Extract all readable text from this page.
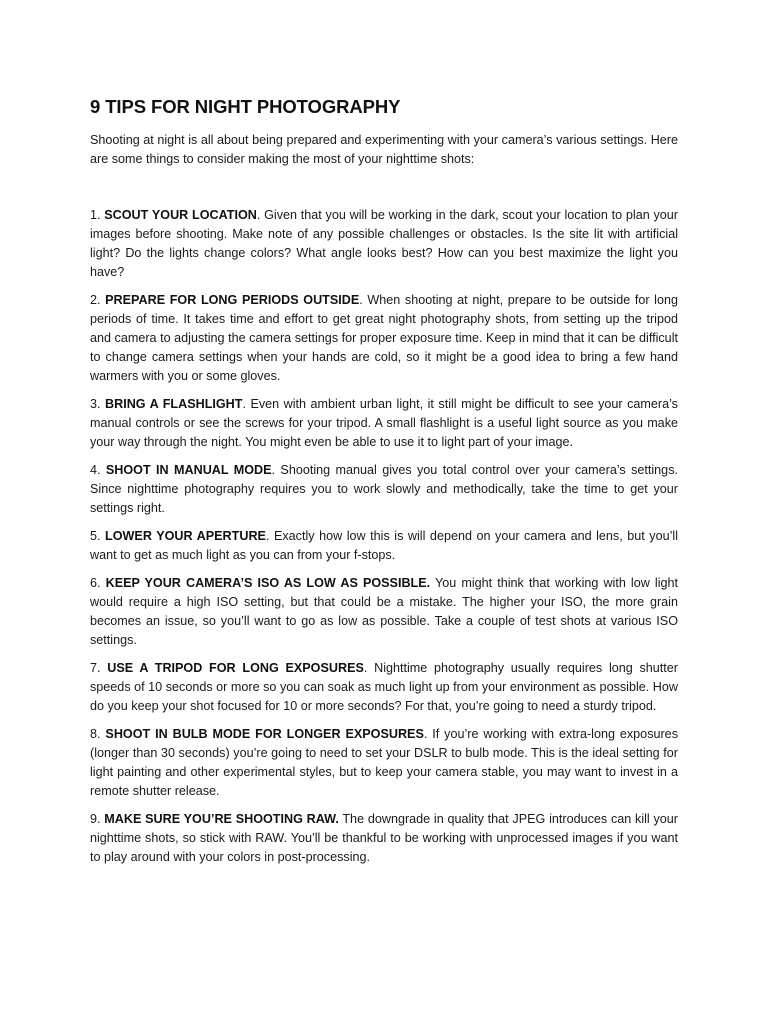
9 TIPS FOR NIGHT PHOTOGRAPHY

Shooting at night is all about being prepared and experimenting with your camera’s various settings. Here are some things to consider making the most of your nighttime shots:

1. SCOUT YOUR LOCATION. Given that you will be working in the dark, scout your location to plan your images before shooting. Make note of any possible challenges or obstacles. Is the site lit with artificial light? Do the lights change colors? What angle looks best? How can you best maximize the light you have?

2. PREPARE FOR LONG PERIODS OUTSIDE. When shooting at night, prepare to be outside for long periods of time. It takes time and effort to get great night photography shots, from setting up the tripod and camera to adjusting the camera settings for proper exposure time. Keep in mind that it can be difficult to change camera settings when your hands are cold, so it might be a good idea to bring a few hand warmers with you or some gloves.

3. BRING A FLASHLIGHT. Even with ambient urban light, it still might be difficult to see your camera’s manual controls or see the screws for your tripod. A small flashlight is a useful light source as you make your way through the night. You might even be able to use it to light part of your image.

4. SHOOT IN MANUAL MODE. Shooting manual gives you total control over your camera’s settings. Since nighttime photography requires you to work slowly and methodically, take the time to get your settings right.

5. LOWER YOUR APERTURE. Exactly how low this is will depend on your camera and lens, but you’ll want to get as much light as you can from your f-stops.

6. KEEP YOUR CAMERA’S ISO AS LOW AS POSSIBLE. You might think that working with low light would require a high ISO setting, but that could be a mistake. The higher your ISO, the more grain becomes an issue, so you’ll want to go as low as possible. Take a couple of test shots at various ISO settings.

7. USE A TRIPOD FOR LONG EXPOSURES. Nighttime photography usually requires long shutter speeds of 10 seconds or more so you can soak as much light up from your environment as possible. How do you keep your shot focused for 10 or more seconds? For that, you’re going to need a sturdy tripod.

8. SHOOT IN BULB MODE FOR LONGER EXPOSURES. If you’re working with extra-long exposures (longer than 30 seconds) you’re going to need to set your DSLR to bulb mode. This is the ideal setting for light painting and other experimental styles, but to keep your camera stable, you may want to invest in a remote shutter release.

9. MAKE SURE YOU’RE SHOOTING RAW. The downgrade in quality that JPEG introduces can kill your nighttime shots, so stick with RAW. You’ll be thankful to be working with unprocessed images if you want to play around with your colors in post-processing.
